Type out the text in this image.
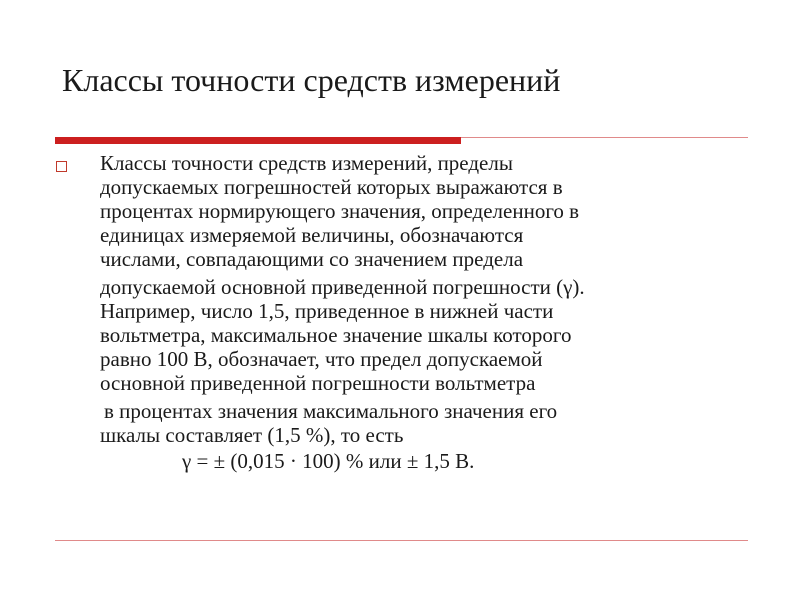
Классы точности средств измерений
Классы точности средств измерений, пределы
допускаемых погрешностей которых выражаются в
процентах нормирующего значения, определенного в
единицах измеряемой величины, обозначаются
числами, совпадающими со значением предела
допускаемой основной приведенной погрешности (γ).
Например, число 1,5, приведенное в нижней части
вольтметра, максимальное значение шкалы которого
равно 100 В, обозначает, что предел допускаемой
основной приведенной погрешности вольтметра
в процентах значения максимального значения его
шкалы составляет (1,5 %), то есть
γ = ± (0,015 · 100) % или ± 1,5 В.
